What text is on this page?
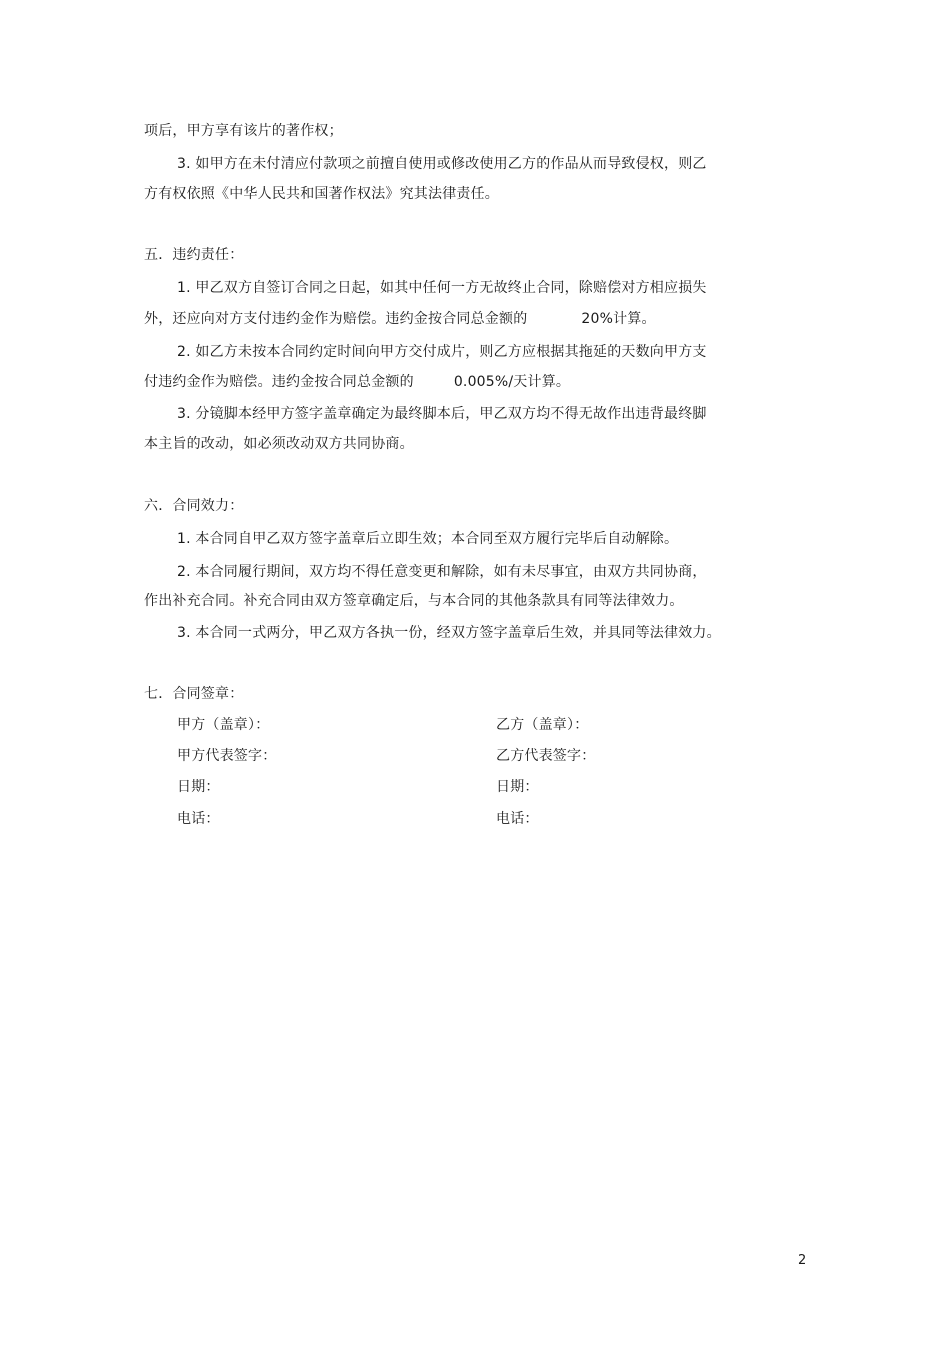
项后，甲方享有该片的著作权；
3. 如甲方在未付清应付款项之前擅自使用或修改使用乙方的作品从而导致侵权，则乙
方有权依照《中华人民共和国著作权法》究其法律责任。
五．违约责任：
1. 甲乙双方自签订合同之日起，如其中任何一方无故终止合同，除赔偿对方相应损失
外，还应向对方支付违约金作为赔偿。违约金按合同总金额的	20%计算。
2. 如乙方未按本合同约定时间向甲方交付成片，则乙方应根据其拖延的天数向甲方支
付违约金作为赔偿。违约金按合同总金额的	0.005%/天计算。
3. 分镜脚本经甲方签字盖章确定为最终脚本后，甲乙双方均不得无故作出违背最终脚
本主旨的改动，如必须改动双方共同协商。
六．合同效力：
1. 本合同自甲乙双方签字盖章后立即生效；本合同至双方履行完毕后自动解除。
2. 本合同履行期间，双方均不得任意变更和解除，如有未尽事宜，由双方共同协商，
作出补充合同。补充合同由双方签章确定后，与本合同的其他条款具有同等法律效力。
3. 本合同一式两分，甲乙双方各执一份，经双方签字盖章后生效，并具同等法律效力。
七．合同签章：
甲方（盖章）：	乙方（盖章）：
甲方代表签字：	乙方代表签字：
日期：	日期：
电话：	电话：
2
